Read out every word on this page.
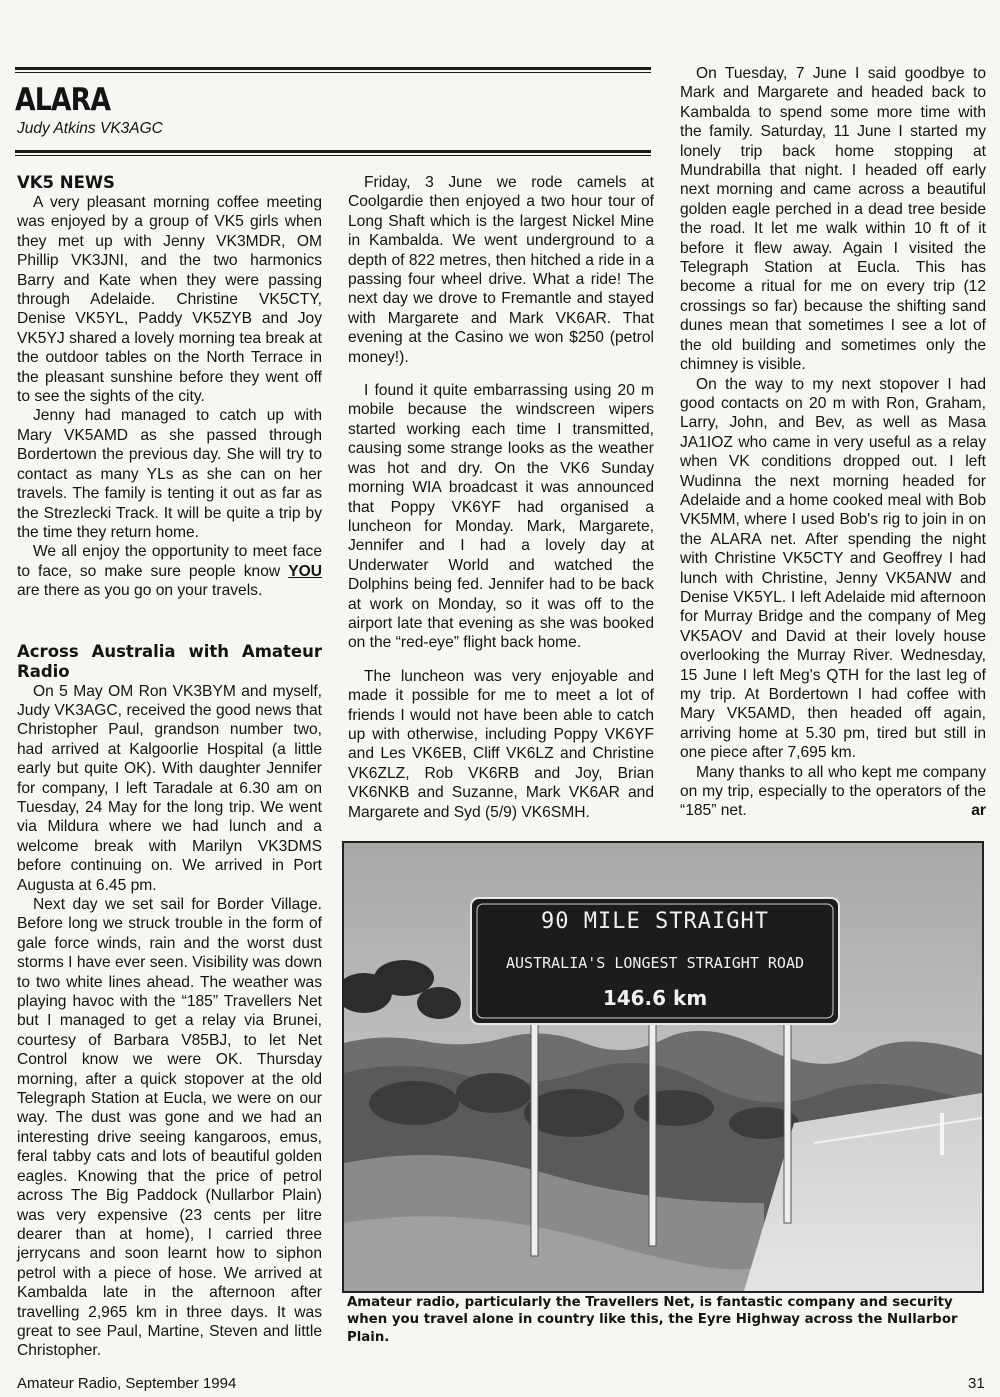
ALARA
Judy Atkins VK3AGC
VK5 NEWS

A very pleasant morning coffee meeting was enjoyed by a group of VK5 girls when they met up with Jenny VK3MDR, OM Phillip VK3JNI, and the two harmonics Barry and Kate when they were passing through Adelaide. Christine VK5CTY, Denise VK5YL, Paddy VK5ZYB and Joy VK5YJ shared a lovely morning tea break at the outdoor tables on the North Terrace in the pleasant sunshine before they went off to see the sights of the city.

Jenny had managed to catch up with Mary VK5AMD as she passed through Bordertown the previous day. She will try to contact as many YLs as she can on her travels. The family is tenting it out as far as the Strezlecki Track. It will be quite a trip by the time they return home.

We all enjoy the opportunity to meet face to face, so make sure people know YOU are there as you go on your travels.

Across Australia with Amateur Radio

On 5 May OM Ron VK3BYM and myself, Judy VK3AGC, received the good news that Christopher Paul, grandson number two, had arrived at Kalgoorlie Hospital (a little early but quite OK). With daughter Jennifer for company, I left Taradale at 6.30 am on Tuesday, 24 May for the long trip. We went via Mildura where we had lunch and a welcome break with Marilyn VK3DMS before continuing on. We arrived in Port Augusta at 6.45 pm.

Next day we set sail for Border Village. Before long we struck trouble in the form of gale force winds, rain and the worst dust storms I have ever seen. Visibility was down to two white lines ahead. The weather was playing havoc with the “185” Travellers Net but I managed to get a relay via Brunei, courtesy of Barbara V85BJ, to let Net Control know we were OK. Thursday morning, after a quick stopover at the old Telegraph Station at Eucla, we were on our way. The dust was gone and we had an interesting drive seeing kangaroos, emus, feral tabby cats and lots of beautiful golden eagles. Knowing that the price of petrol across The Big Paddock (Nullarbor Plain) was very expensive (23 cents per litre dearer than at home), I carried three jerrycans and soon learnt how to siphon petrol with a piece of hose. We arrived at Kambalda late in the afternoon after travelling 2,965 km in three days. It was great to see Paul, Martine, Steven and little Christopher.

Friday, 3 June we rode camels at Coolgardie then enjoyed a two hour tour of Long Shaft which is the largest Nickel Mine in Kambalda. We went underground to a depth of 822 metres, then hitched a ride in a passing four wheel drive. What a ride! The next day we drove to Fremantle and stayed with Margarete and Mark VK6AR. That evening at the Casino we won $250 (petrol money!).

I found it quite embarrassing using 20 m mobile because the windscreen wipers started working each time I transmitted, causing some strange looks as the weather was hot and dry. On the VK6 Sunday morning WIA broadcast it was announced that Poppy VK6YF had organised a luncheon for Monday. Mark, Margarete, Jennifer and I had a lovely day at Underwater World and watched the Dolphins being fed. Jennifer had to be back at work on Monday, so it was off to the airport late that evening as she was booked on the “red-eye” flight back home.

The luncheon was very enjoyable and made it possible for me to meet a lot of friends I would not have been able to catch up with otherwise, including Poppy VK6YF and Les VK6EB, Cliff VK6LZ and Christine VK6ZLZ, Rob VK6RB and Joy, Brian VK6NKB and Suzanne, Mark VK6AR and Margarete and Syd (5/9) VK6SMH.

On Tuesday, 7 June I said goodbye to Mark and Margarete and headed back to Kambalda to spend some more time with the family. Saturday, 11 June I started my lonely trip back home stopping at Mundrabilla that night. I headed off early next morning and came across a beautiful golden eagle perched in a dead tree beside the road. It let me walk within 10 ft of it before it flew away. Again I visited the Telegraph Station at Eucla. This has become a ritual for me on every trip (12 crossings so far) because the shifting sand dunes mean that sometimes I see a lot of the old building and sometimes only the chimney is visible.

On the way to my next stopover I had good contacts on 20 m with Ron, Graham, Larry, John, and Bev, as well as Masa JA1IOZ who came in very useful as a relay when VK conditions dropped out. I left Wudinna the next morning headed for Adelaide and a home cooked meal with Bob VK5MM, where I used Bob's rig to join in on the ALARA net. After spending the night with Christine VK5CTY and Geoffrey I had lunch with Christine, Jenny VK5ANW and Denise VK5YL. I left Adelaide mid afternoon for Murray Bridge and the company of Meg VK5AOV and David at their lovely house overlooking the Murray River. Wednesday, 15 June I left Meg's QTH for the last leg of my trip. At Bordertown I had coffee with Mary VK5AMD, then headed off again, arriving home at 5.30 pm, tired but still in one piece after 7,695 km.

Many thanks to all who kept me company on my trip, especially to the operators of the “185” net.	ar

90 MILE STRAIGHT
AUSTRALIA'S LONGEST STRAIGHT ROAD
146.6 km
Amateur radio, particularly the Travellers Net, is fantastic company and security when you travel alone in country like this, the Eyre Highway across the Nullarbor Plain.
Amateur Radio, September 1994	31
